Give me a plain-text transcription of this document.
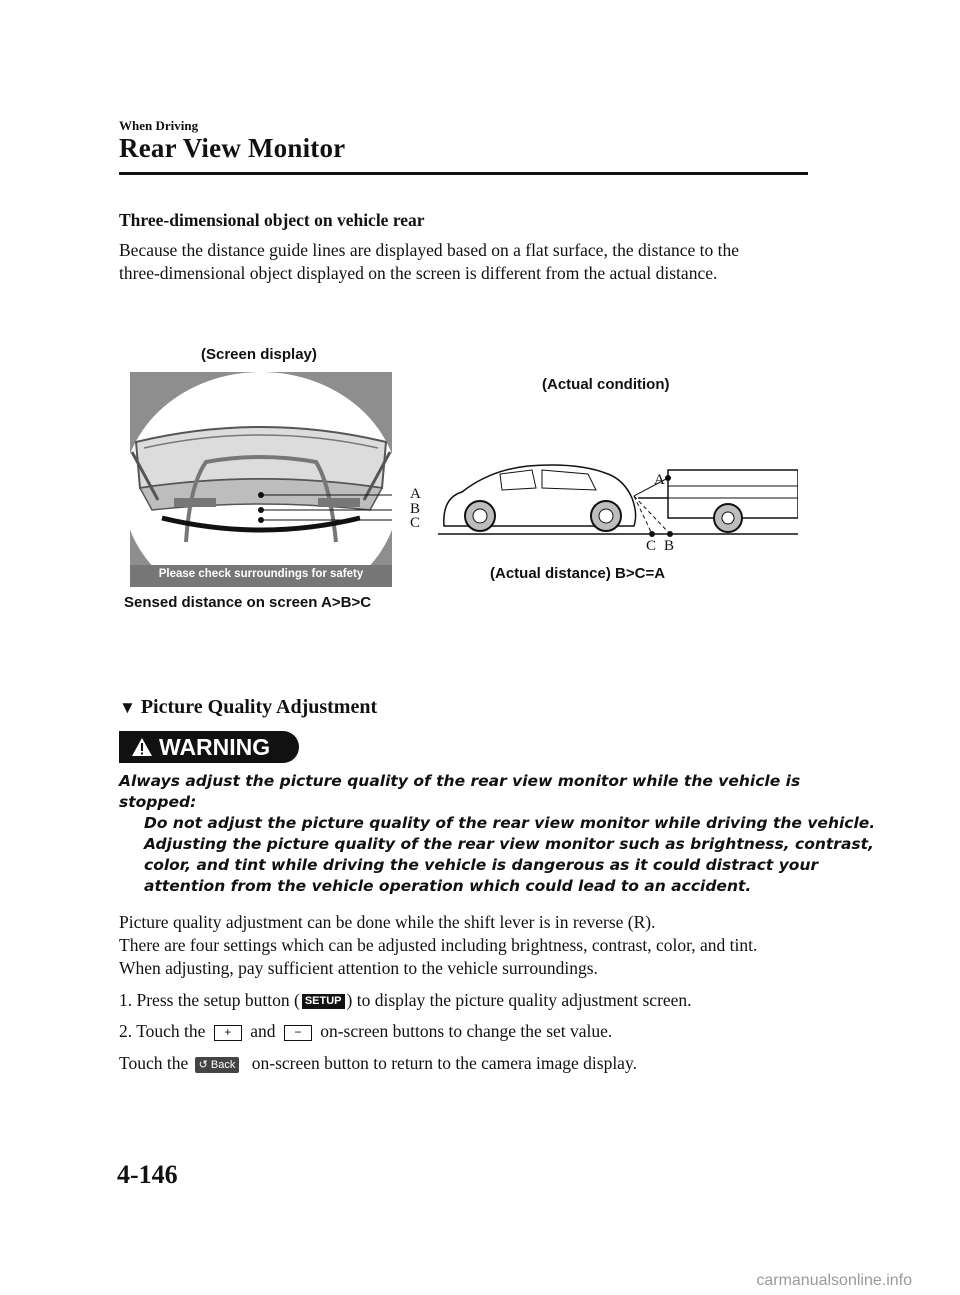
When Driving
Rear View Monitor
Three-dimensional object on vehicle rear
Because the distance guide lines are displayed based on a flat surface, the distance to the
three-dimensional object displayed on the screen is different from the actual distance.
(Screen display)
(Actual condition)
Please check surroundings for safety
A
B
C
A
C B
Sensed distance on screen A>B>C
(Actual distance) B>C=A
▼ Picture Quality Adjustment
WARNING
Always adjust the picture quality of the rear view monitor while the vehicle is
stopped:
Do not adjust the picture quality of the rear view monitor while driving the vehicle.
Adjusting the picture quality of the rear view monitor such as brightness, contrast,
color, and tint while driving the vehicle is dangerous as it could distract your
attention from the vehicle operation which could lead to an accident.
Picture quality adjustment can be done while the shift lever is in reverse (R).
There are four settings which can be adjusted including brightness, contrast, color, and tint.
When adjusting, pay sufficient attention to the vehicle surroundings.
1. Press the setup button ( SETUP ) to display the picture quality adjustment screen.
2. Touch the + and − on-screen buttons to change the set value.
Touch the ↺ Back on-screen button to return to the camera image display.
4-146
carmanualsonline.info
